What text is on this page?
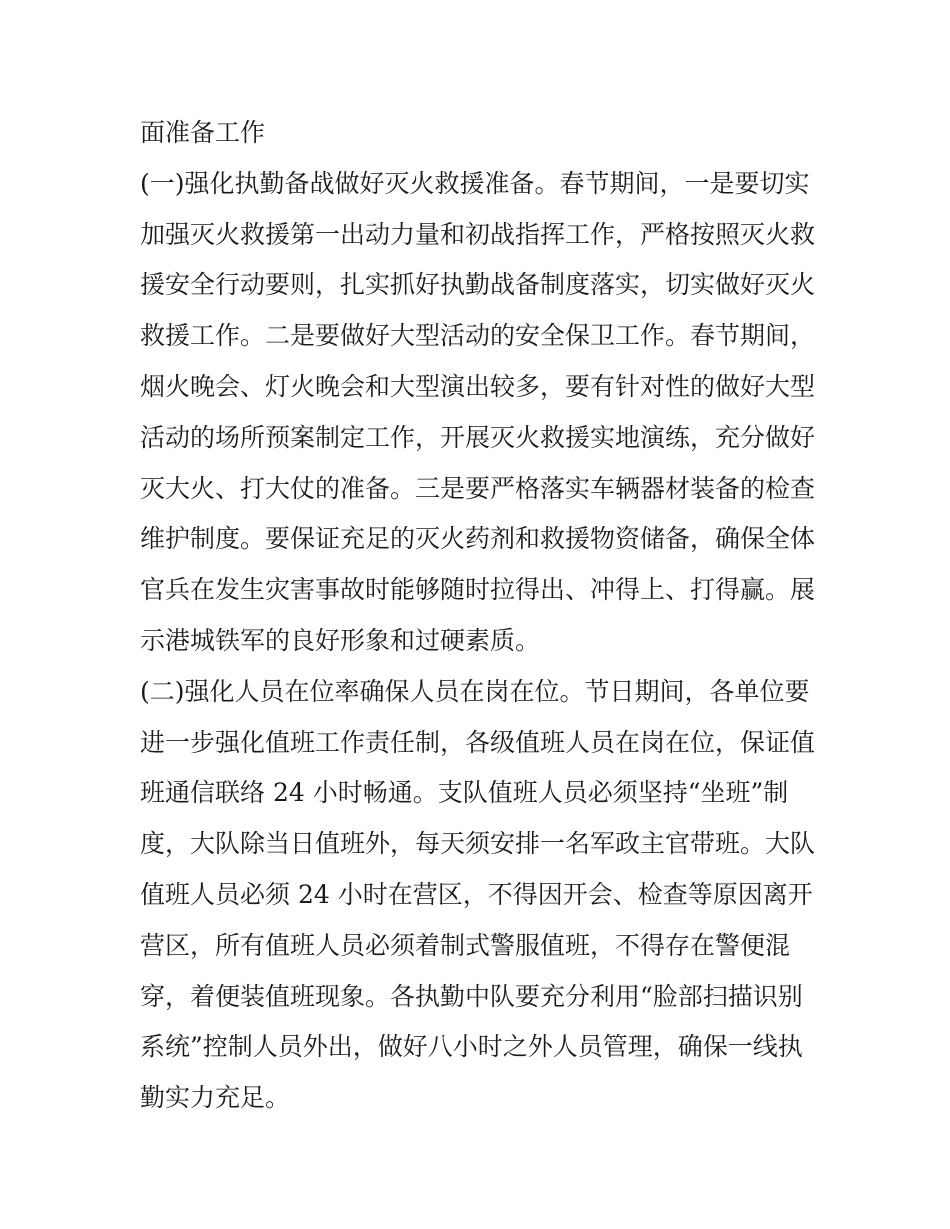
面准备工作
(一)强化执勤备战做好灭火救援准备。春节期间，一是要切实
加强灭火救援第一出动力量和初战指挥工作，严格按照灭火救
援安全行动要则，扎实抓好执勤战备制度落实，切实做好灭火
救援工作。二是要做好大型活动的安全保卫工作。春节期间，
烟火晚会、灯火晚会和大型演出较多，要有针对性的做好大型
活动的场所预案制定工作，开展灭火救援实地演练，充分做好
灭大火、打大仗的准备。三是要严格落实车辆器材装备的检查
维护制度。要保证充足的灭火药剂和救援物资储备，确保全体
官兵在发生灾害事故时能够随时拉得出、冲得上、打得赢。展
示港城铁军的良好形象和过硬素质。
(二)强化人员在位率确保人员在岗在位。节日期间，各单位要
进一步强化值班工作责任制，各级值班人员在岗在位，保证值
班通信联络 24 小时畅通。支队值班人员必须坚持“坐班”制
度，大队除当日值班外，每天须安排一名军政主官带班。大队
值班人员必须 24 小时在营区，不得因开会、检查等原因离开
营区，所有值班人员必须着制式警服值班，不得存在警便混
穿，着便装值班现象。各执勤中队要充分利用“脸部扫描识别
系统”控制人员外出，做好八小时之外人员管理，确保一线执
勤实力充足。
